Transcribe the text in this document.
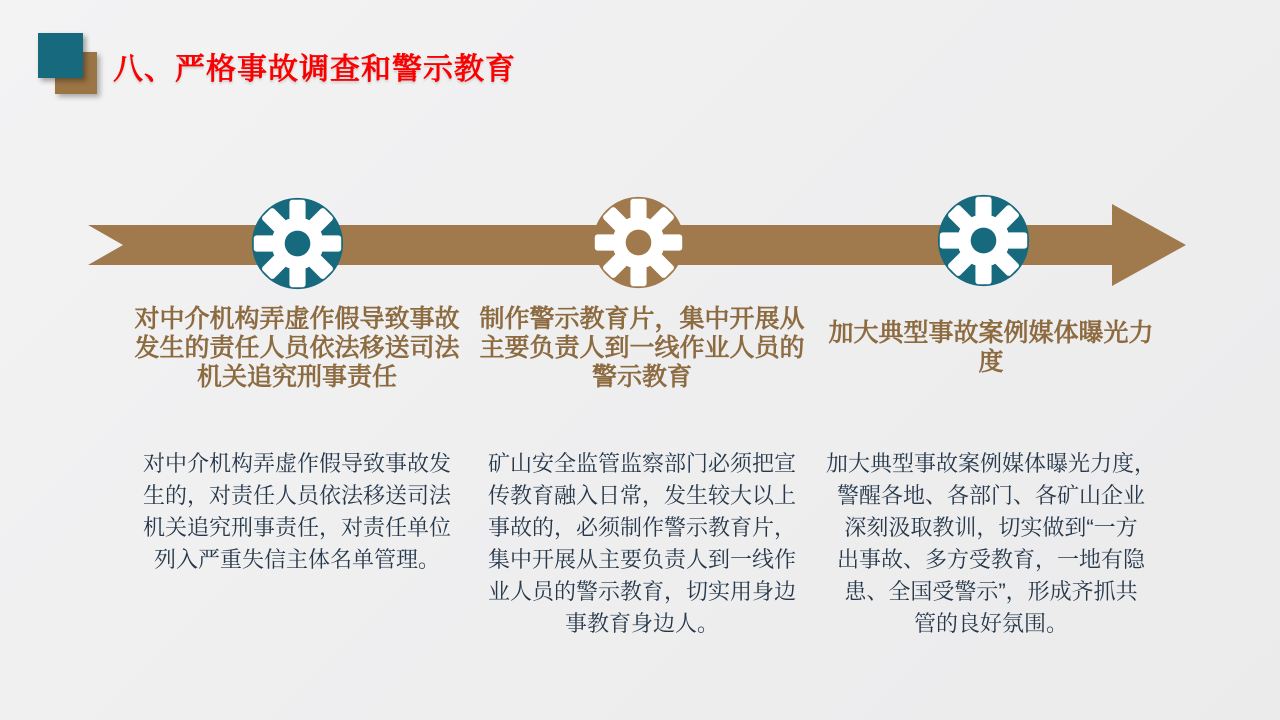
八、严格事故调查和警示教育
对中介机构弄虚作假导致事故
发生的责任人员依法移送司法
机关追究刑事责任
对中介机构弄虚作假导致事故发
生的，对责任人员依法移送司法
机关追究刑事责任，对责任单位
列入严重失信主体名单管理。
制作警示教育片，集中开展从
主要负责人到一线作业人员的
警示教育
矿山安全监管监察部门必须把宣
传教育融入日常，发生较大以上
事故的，必须制作警示教育片，
集中开展从主要负责人到一线作
业人员的警示教育，切实用身边
事教育身边人。
加大典型事故案例媒体曝光力
度
加大典型事故案例媒体曝光力度，
警醒各地、各部门、各矿山企业
深刻汲取教训，切实做到“一方
出事故、多方受教育，一地有隐
患、全国受警示”，形成齐抓共
管的良好氛围。
